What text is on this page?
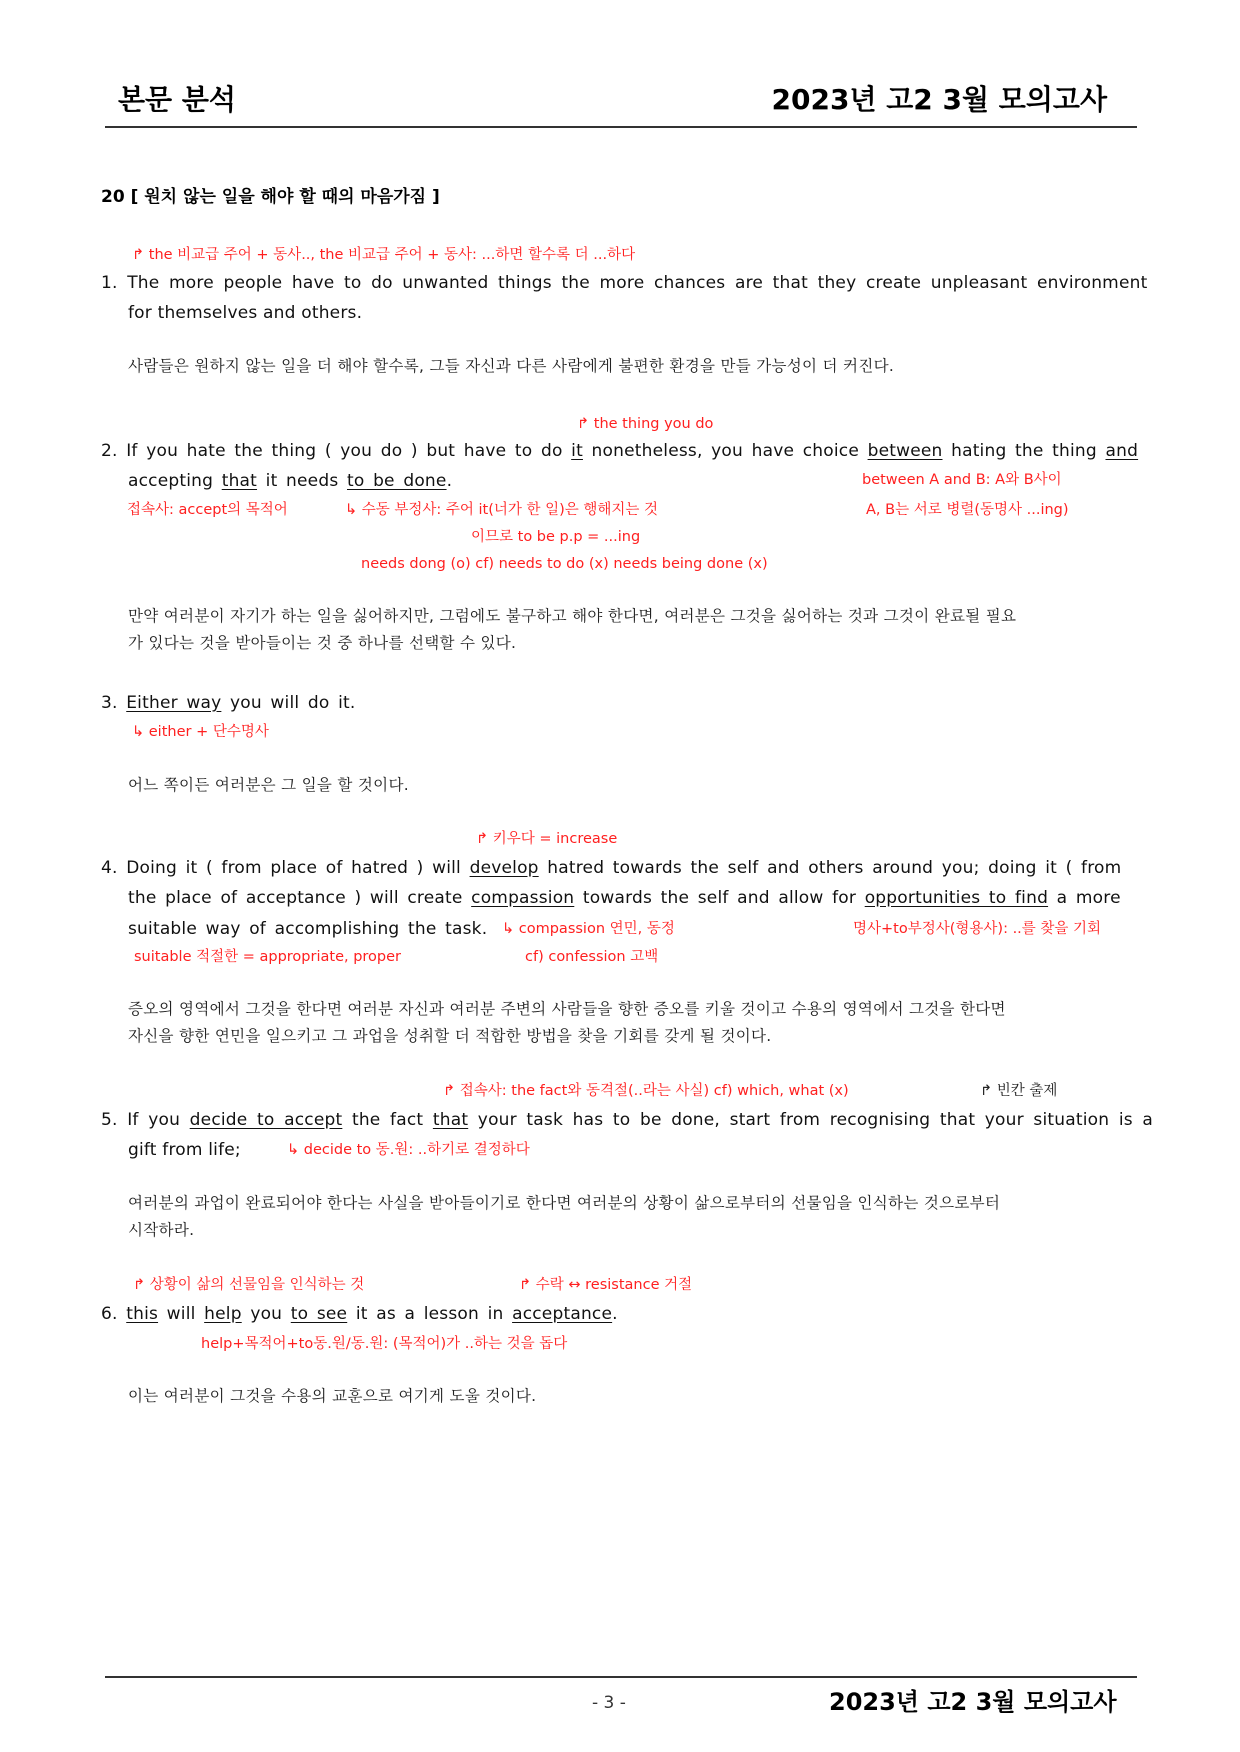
본문 분석	2023년 고2 3월 모의고사
20 [ 원치 않는 일을 해야 할 때의 마음가짐 ]
↱ the 비교급 주어 + 동사.., the 비교급 주어 + 동사: ...하면 할수록 더 ...하다
1. The more people have to do unwanted things the more chances are that they create unpleasant environment
for themselves and others.
사람들은 원하지 않는 일을 더 해야 할수록, 그들 자신과 다른 사람에게 불편한 환경을 만들 가능성이 더 커진다.
↱ the thing you do
2. If you hate the thing ( you do ) but have to do it nonetheless, you have choice between hating the thing and
accepting that it needs to be done.	between A and B: A와 B사이
접속사: accept의 목적어	↳ 수동 부정사: 주어 it(너가 한 일)은 행해지는 것	A, B는 서로 병렬(동명사 ...ing)
이므로 to be p.p = ...ing
needs dong (o) cf) needs to do (x) needs being done (x)
만약 여러분이 자기가 하는 일을 싫어하지만, 그럼에도 불구하고 해야 한다면, 여러분은 그것을 싫어하는 것과 그것이 완료될 필요
가 있다는 것을 받아들이는 것 중 하나를 선택할 수 있다.
3. Either way you will do it.
↳ either + 단수명사
어느 쪽이든 여러분은 그 일을 할 것이다.
↱ 키우다 = increase
4. Doing it ( from place of hatred ) will develop hatred towards the self and others around you; doing it ( from
the place of acceptance ) will create compassion towards the self and allow for opportunities to find a more
suitable way of accomplishing the task. ↳ compassion 연민, 동정	명사+to부정사(형용사): ..를 찾을 기회
suitable 적절한 = appropriate, proper	cf) confession 고백
증오의 영역에서 그것을 한다면 여러분 자신과 여러분 주변의 사람들을 향한 증오를 키울 것이고 수용의 영역에서 그것을 한다면
자신을 향한 연민을 일으키고 그 과업을 성취할 더 적합한 방법을 찾을 기회를 갖게 될 것이다.
↱ 접속사: the fact와 동격절(..라는 사실) cf) which, what (x)	↱ 빈칸 출제
5. If you decide to accept the fact that your task has to be done, start from recognising that your situation is a
gift from life;	↳ decide to 동.원: ..하기로 결정하다
여러분의 과업이 완료되어야 한다는 사실을 받아들이기로 한다면 여러분의 상황이 삶으로부터의 선물임을 인식하는 것으로부터
시작하라.
↱ 상황이 삶의 선물임을 인식하는 것	↱ 수락 ↔ resistance 거절
6. this will help you to see it as a lesson in acceptance.
help+목적어+to동.원/동.원: (목적어)가 ..하는 것을 돕다
이는 여러분이 그것을 수용의 교훈으로 여기게 도울 것이다.
- 3 -	2023년 고2 3월 모의고사
